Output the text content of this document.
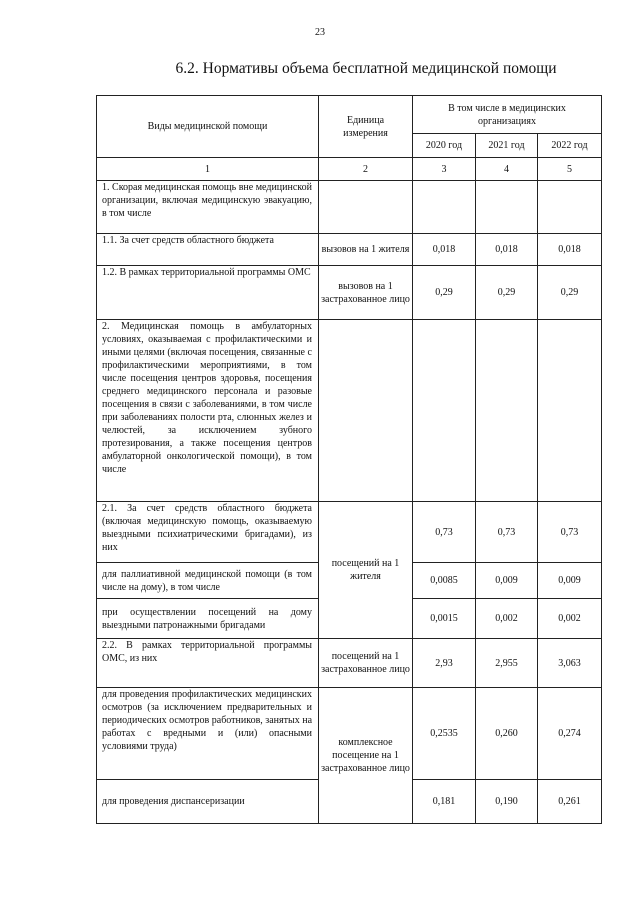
23
6.2. Нормативы объема бесплатной медицинской помощи
Виды медицинской помощи	Единица измерения	В том числе в медицинских организациях		
		2020 год	2021 год	2022 год
1	2	3	4	5
1. Скорая медицинская помощь вне медицинской организации, включая медицинскую эвакуацию, в том числе				
1.1. За счет средств областного бюджета	вызовов на 1 жителя	0,018	0,018	0,018
1.2. В рамках территориальной программы ОМС	вызовов на 1 застрахованное лицо	0,29	0,29	0,29
2. Медицинская помощь в амбулаторных условиях, оказываемая с профилактическими и иными целями (включая посещения, связанные с профилактическими мероприятиями, в том числе посещения центров здоровья, посещения среднего медицинского персонала и разовые посещения в связи с заболеваниями, в том числе при заболеваниях полости рта, слюнных желез и челюстей, за исключением зубного протезирования, а также посещения центров амбулаторной онкологической помощи), в том числе				
2.1. За счет средств областного бюджета (включая медицинскую помощь, оказываемую выездными психиатрическими бригадами), из них	посещений на 1 жителя	0,73	0,73	0,73
для паллиативной медицинской помощи (в том числе на дому), в том числе		0,0085	0,009	0,009
при осуществлении посещений на дому выездными патронажными бригадами		0,0015	0,002	0,002
2.2. В рамках территориальной программы ОМС, из них	посещений на 1 застрахованное лицо	2,93	2,955	3,063
для проведения профилактических медицинских осмотров (за исключением предварительных и периодических осмотров работников, занятых на работах с вредными и (или) опасными условиями труда)	комплексное посещение на 1 застрахованное лицо	0,2535	0,260	0,274
для проведения диспансеризации		0,181	0,190	0,261
